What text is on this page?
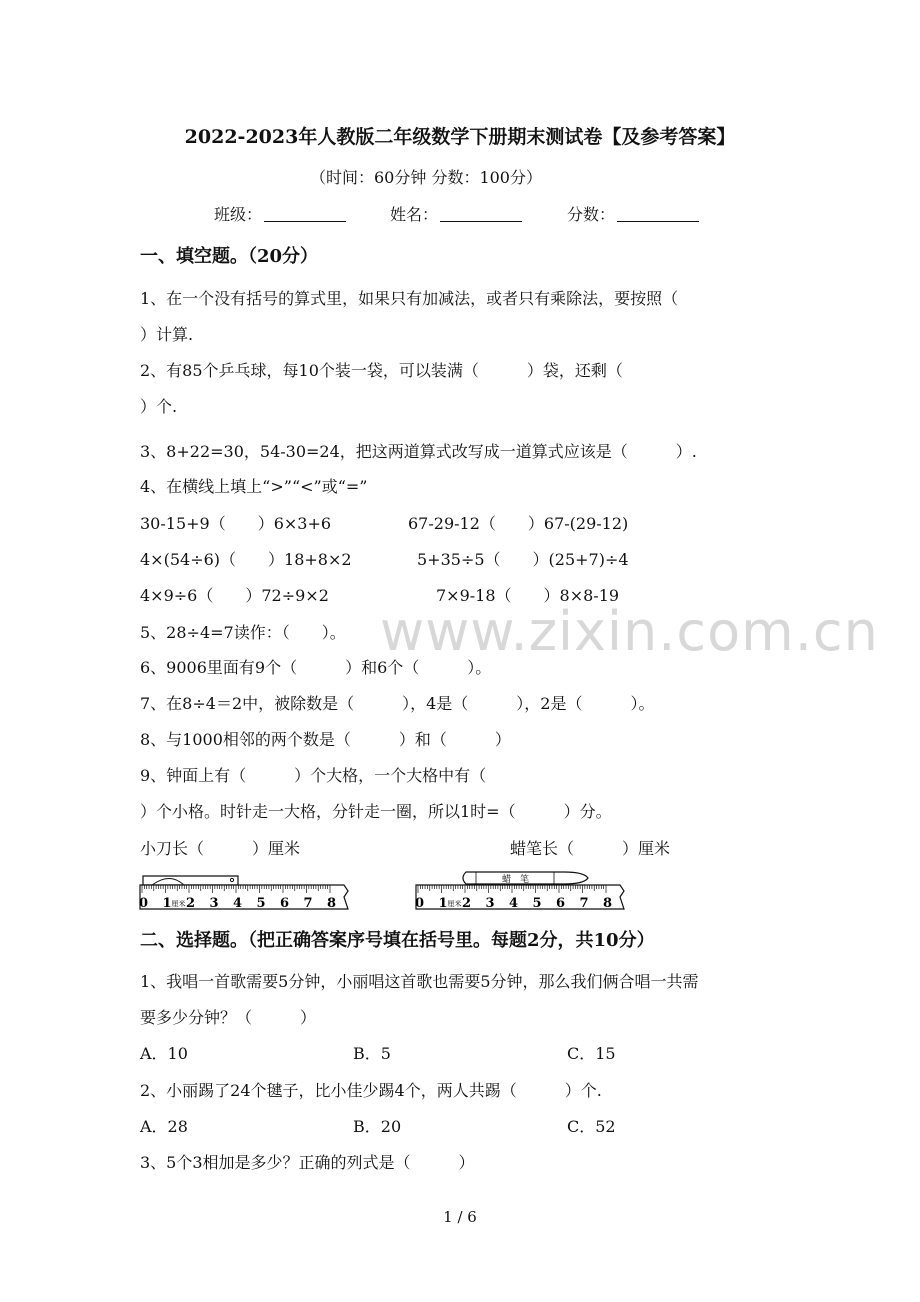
2022-2023年人教版二年级数学下册期末测试卷【及参考答案】
（时间：60分钟 分数：100分）
班级：	姓名：	分数：
一、填空题。（20分）
1、在一个没有括号的算式里，如果只有加减法，或者只有乘除法，要按照（
）计算.
2、有85个乒乓球，每10个装一袋，可以装满（　　　）袋，还剩（
）个.
3、8+22=30，54-30=24，把这两道算式改写成一道算式应该是（　　　）.
4、在横线上填上“>”“<”或“=”
30-15+9（　　）6×3+6	67-29-12（　　）67-(29-12)
4×(54÷6)（　　）18+8×2	5+35÷5（　　）(25+7)÷4
4×9÷6（　　）72÷9×2	7×9-18（　　）8×8-19
www.zixin.com.cn
5、28÷4=7读作：（　　）。
6、9006里面有9个（　　　）和6个（　　　）。
7、在8÷4＝2中，被除数是（　　　），4是（　　　），2是（　　　）。
8、与1000相邻的两个数是（　　　）和（　　　）
9、钟面上有（　　　）个大格，一个大格中有（
）个小格。时针走一大格，分针走一圈，所以1时=（　　　）分。
小刀长（　　　）厘米	蜡笔长（　　　）厘米
0 1 2 3 4 5 6 7 8
厘米
蜡　笔
0 1 2 3 4 5 6 7 8
厘米
二、选择题。（把正确答案序号填在括号里。每题2分，共10分）
1、我唱一首歌需要5分钟，小丽唱这首歌也需要5分钟，那么我们俩合唱一共需
要多少分钟？（　　　）
A．10	B．5	C．15
2、小丽踢了24个毽子，比小佳少踢4个，两人共踢（　　　）个.
A．28	B．20	C．52
3、5个3相加是多少？正确的列式是（　　　）
1 / 6
